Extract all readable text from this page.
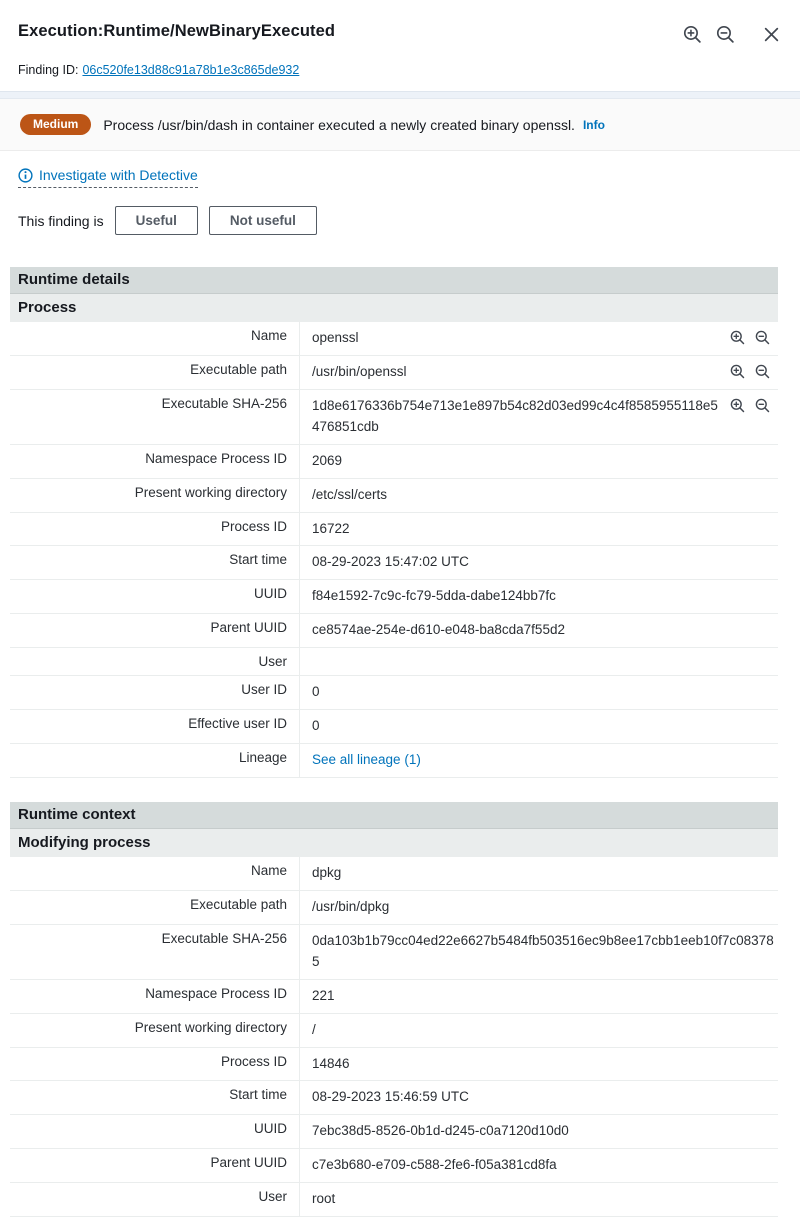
Execution:Runtime/NewBinaryExecuted
Finding ID: 06c520fe13d88c91a78b1e3c865de932
Medium	Process /usr/bin/dash in container executed a newly created binary openssl. Info
Investigate with Detective
This finding is	Useful	Not useful
Runtime details
Process
Name	openssl
Executable path	/usr/bin/openssl
Executable SHA-256	1d8e6176336b754e713e1e897b54c82d03ed99c4c4f8585955118e5476851cdb
Namespace Process ID	2069
Present working directory	/etc/ssl/certs
Process ID	16722
Start time	08-29-2023 15:47:02 UTC
UUID	f84e1592-7c9c-fc79-5dda-dabe124bb7fc
Parent UUID	ce8574ae-254e-d610-e048-ba8cda7f55d2
User
User ID	0
Effective user ID	0
Lineage	See all lineage (1)
Runtime context
Modifying process
Name	dpkg
Executable path	/usr/bin/dpkg
Executable SHA-256	0da103b1b79cc04ed22e6627b5484fb503516ec9b8ee17cbb1eeb10f7c083785
Namespace Process ID	221
Present working directory	/
Process ID	14846
Start time	08-29-2023 15:46:59 UTC
UUID	7ebc38d5-8526-0b1d-d245-c0a7120d10d0
Parent UUID	c7e3b680-e709-c588-2fe6-f05a381cd8fa
User	root
